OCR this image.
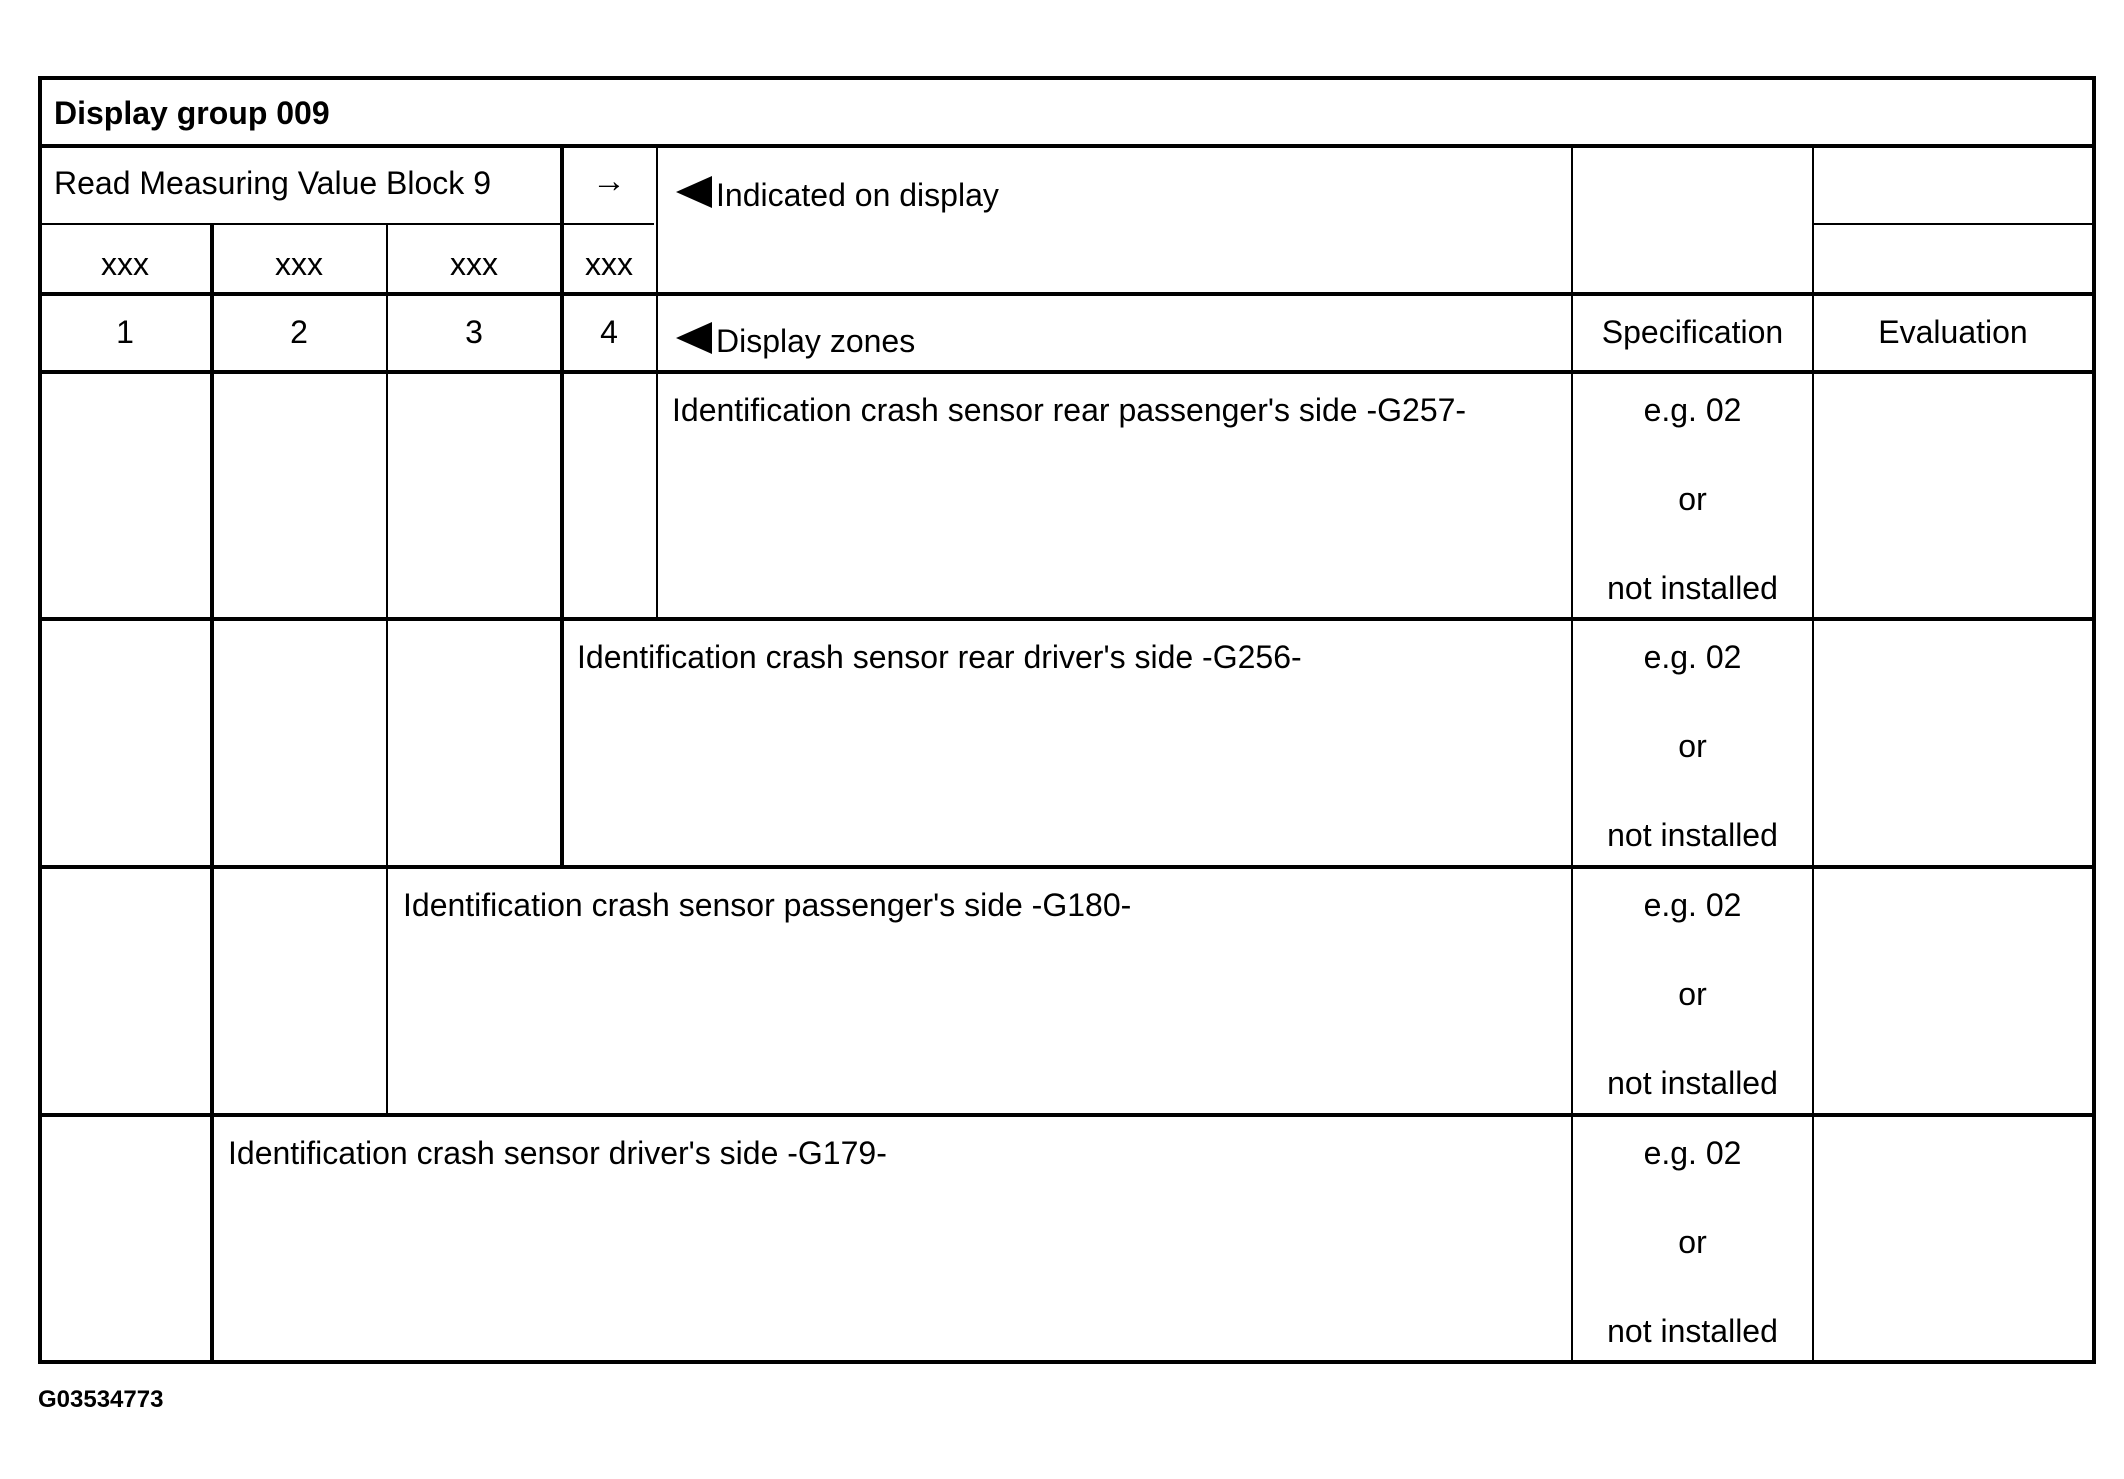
Display group 009
Read Measuring Value Block 9	→	Indicated on display
xxx	xxx	xxx	xxx
1	2	3	4	Display zones	Specification	Evaluation
Identification crash sensor rear passenger's side -G257-	e.g. 02
or
not installed
Identification crash sensor rear driver's side -G256-	e.g. 02
or
not installed
Identification crash sensor passenger's side -G180-	e.g. 02
or
not installed
Identification crash sensor driver's side -G179-	e.g. 02
or
not installed
G03534773
